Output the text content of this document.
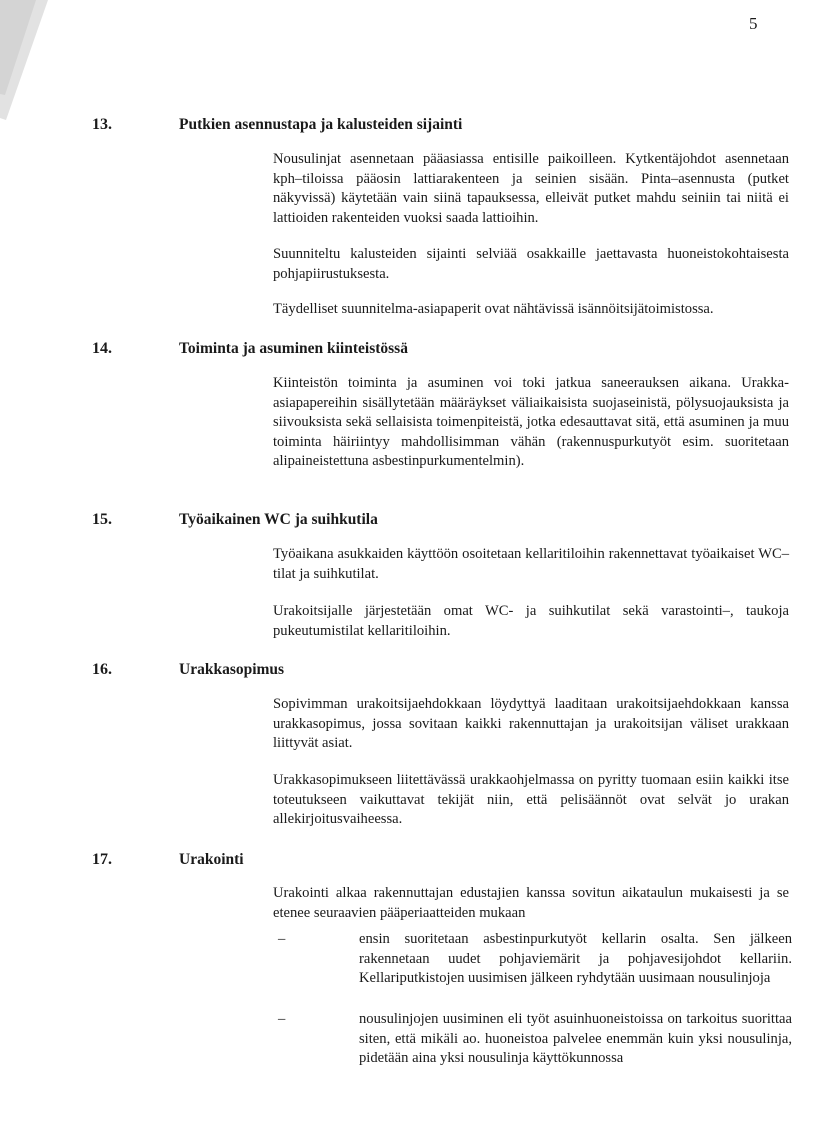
5
13.	Putkien asennustapa ja kalusteiden sijainti

Nousulinjat asennetaan pääasiassa entisille paikoilleen. Kytkentäjohdot asennetaan kph–tiloissa pääosin lattiarakenteen ja seinien sisään. Pinta–asennusta (putket näkyvissä) käytetään vain siinä tapauksessa, elleivät putket mahdu seiniin tai niitä ei lattioiden rakenteiden vuoksi saada lattioihin.

Suunniteltu kalusteiden sijainti selviää osakkaille jaettavasta huoneistokohtaisesta pohjapiirustuksesta.

Täydelliset suunnitelma-asiapaperit ovat nähtävissä isännöitsijätoimistossa.

14.	Toiminta ja asuminen kiinteistössä

Kiinteistön toiminta ja asuminen voi toki jatkua saneerauksen aikana. Urakka-asiapapereihin sisällytetään määräykset väliaikaisista suojaseinistä, pölysuojauksista ja siivouksista sekä sellaisista toimenpiteistä, jotka edesauttavat sitä, että asuminen ja muu toiminta häiriintyy mahdollisimman vähän (rakennuspurkutyöt esim. suoritetaan alipaineistettuna asbestinpurkumentelmin).

15.	Työaikainen WC ja suihkutila

Työaikana asukkaiden käyttöön osoitetaan kellaritiloihin rakennettavat työaikaiset WC–tilat ja suihkutilat.

Urakoitsijalle järjestetään omat WC- ja suihkutilat sekä varastointi–, taukoja pukeutumistilat kellaritiloihin.

16.	Urakkasopimus

Sopivimman urakoitsijaehdokkaan löydyttyä laaditaan urakoitsijaehdokkaan kanssa urakkasopimus, jossa sovitaan kaikki rakennuttajan ja urakoitsijan väliset urakkaan liittyvät asiat.

Urakkasopimukseen liitettävässä urakkaohjelmassa on pyritty tuomaan esiin kaikki itse toteutukseen vaikuttavat tekijät niin, että pelisäännöt ovat selvät jo urakan allekirjoitusvaiheessa.

17.	Urakointi

Urakointi alkaa rakennuttajan edustajien kanssa sovitun aikataulun mukaisesti ja se etenee seuraavien pääperiaatteiden mukaan

–	ensin suoritetaan asbestinpurkutyöt kellarin osalta. Sen jälkeen rakennetaan uudet pohjaviemärit ja pohjavesijohdot kellariin. Kellariputkistojen uusimisen jälkeen ryhdytään uusimaan nousulinjoja

–	nousulinjojen uusiminen eli työt asuinhuoneistoissa on tarkoitus suorittaa siten, että mikäli ao. huoneistoa palvelee enemmän kuin yksi nousulinja, pidetään aina yksi nousulinja käyttökunnossa
